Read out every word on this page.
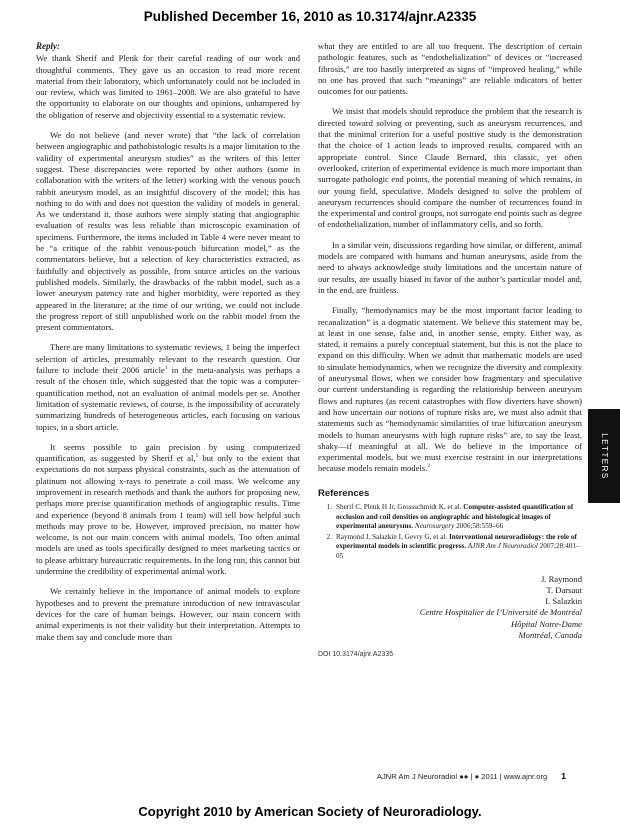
Published December 16, 2010 as 10.3174/ajnr.A2335
Reply:

We thank Sherif and Plenk for their careful reading of our work and thoughtful comments. They gave us an occasion to read more recent material from their laboratory, which unfortunately could not be included in our review, which was limited to 1961–2008. We are also grateful to have the opportunity to elaborate on our thoughts and opinions, unhampered by the obligation of reserve and objectivity essential to a systematic review.

We do not believe (and never wrote) that “the lack of correlation between angiographic and pathohistologic results is a major limitation to the validity of experimental aneurysm studies” as the writers of this letter suggest. These discrepancies were reported by other authors (some in collaboration with the writers of the letter) working with the venous pouch rabbit aneurysm model, as an insightful discovery of the model; this has nothing to do with and does not question the validity of models in general. As we understand it, those authors were simply stating that angiographic evaluation of results was less reliable than microscopic examination of specimens. Furthermore, the items included in Table 4 were never meant to be “a critique of the rabbit venous-pouch bifurcation model,” as the commentators believe, but a selection of key characteristics extracted, as faithfully and objectively as possible, from source articles on the various published models. Similarly, the drawbacks of the rabbit model, such as a lower aneurysm patency rate and higher morbidity, were reported as they appeared in the literature; at the time of our writing, we could not include the progress report of still unpublished work on the rabbit model from the present commentators.

There are many limitations to systematic reviews, 1 being the imperfect selection of articles, presumably relevant to the research question. Our failure to include their 2006 article$^1$ in the meta-analysis was perhaps a result of the chosen title, which suggested that the topic was a computer-quantification method, not an evaluation of animal models per se. Another limitation of systematic reviews, of course, is the impossibility of accurately summarizing hundreds of heterogeneous articles, each focusing on various topics, in a short article.

It seems possible to gain precision by using computerized quantification, as suggested by Sherif et al,$^1$ but only to the extent that expectations do not surpass physical constraints, such as the attenuation of platinum not allowing x-rays to penetrate a coil mass. We welcome any improvement in research methods and thank the authors for proposing new, perhaps more precise quantification methods of angiographic results. Time and experience (beyond 8 animals from 1 team) will tell how helpful such methods may prove to be. However, improved precision, no matter how welcome, is not our main concern with animal models. Too often animal models are used as tools specifically designed to meet marketing tactics or to please arbitrary bureaucratic requirements. In the long run, this cannot but undermine the credibility of experimental animal work.

We certainly believe in the importance of animal models to explore hypotheses and to prevent the premature introduction of new intravascular devices for the care of human beings. However, our main concern with animal experiments is not their validity but their interpretation. Attempts to make them say and conclude more than

what they are entitled to are all too frequent. The description of certain pathologic features, such as “endothelialization” of devices or “increased fibrosis,” are too hastily interpreted as signs of “improved healing,” while no one has proved that such “meanings” are reliable indicators of better outcomes for our patients.

We insist that models should reproduce the problem that the research is directed toward solving or preventing, such as aneurysm recurrences, and that the minimal criterion for a useful positive study is the demonstration that the choice of 1 action leads to improved results, compared with an appropriate control. Since Claude Bernard, this classic, yet often overlooked, criterion of experimental evidence is much more important than surrogate pathologic end points, the potential meaning of which remains, in our young field, speculative. Models designed to solve the problem of aneurysm recurrences should compare the number of recurrences found in the experimental and control groups, not surrogate end points such as degree of endothelialization, number of inflammatory cells, and so forth.

In a similar vein, discussions regarding how similar, or different, animal models are compared with humans and human aneurysms, aside from the need to always acknowledge study limitations and the uncertain nature of our results, are usually biased in favor of the author’s particular model and, in the end, are fruitless.

Finally, “hemodynamics may be the most important factor leading to recanalization” is a dogmatic statement. We believe this statement may be, at least in one sense, false and, in another sense, empty. Either way, as stated, it remains a purely conceptual statement, but this is not the place to expand on this difficulty. When we admit that mathematic models are used to simulate hemodynamics, when we recognize the diversity and complexity of aneurysmal flows, when we consider how fragmentary and speculative our current understanding is regarding the relationship between aneurysm flows and ruptures (as recent catastrophes with flow diverters have shown) and how uncertain our notions of rupture risks are, we must also admit that statements such as “hemodynamic similarities of true bifurcation aneurysm models to human aneurysms with high rupture risks” are, to say the least, shaky—if meaningful at all. We do believe in the importance of experimental models, but we must exercise restraint in our interpretations because models remain models.$^2$

References
1. Sherif C, Plenk H Jr, Grossschmidt K, et al. Computer-assisted quantification of occlusion and coil densities on angiographic and histological images of experimental aneurysms. Neurosurgery 2006;58:559–66
2. Raymond J, Salazkin I, Gevry G, et al. Interventional neuroradiology: the role of experimental models in scientific progress. AJNR Am J Neuroradiol 2007;28:401–05
J. Raymond
T. Darsaut
I. Salazkin
Centre Hospitalier de l’Université de Montréal
Hôpital Notre-Dame
Montréal, Canada
DOI 10.3174/ajnr.A2335
LETTERS
AJNR Am J Neuroradiol ●● | ● 2011 | www.ajnr.org 1
Copyright 2010 by American Society of Neuroradiology.
